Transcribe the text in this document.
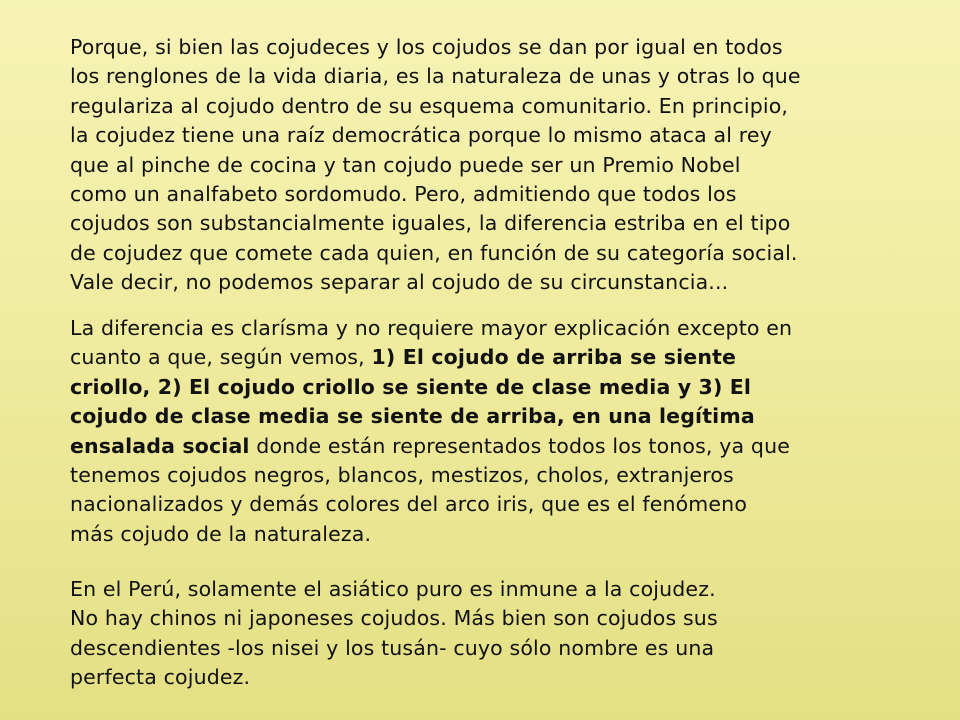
Porque, si bien las cojudeces y los cojudos se dan por igual en todos
los renglones de la vida diaria, es la naturaleza de unas y otras lo que
regulariza al cojudo dentro de su esquema comunitario. En principio,
la cojudez tiene una raíz democrática porque lo mismo ataca al rey
que al pinche de cocina y tan cojudo puede ser un Premio Nobel
como un analfabeto sordomudo. Pero, admitiendo que todos los
cojudos son substancialmente iguales, la diferencia estriba en el tipo
de cojudez que comete cada quien, en función de su categoría social.
Vale decir, no podemos separar al cojudo de su circunstancia...
La diferencia es clarísma y no requiere mayor explicación excepto en
cuanto a que, según vemos, 1) El cojudo de arriba se siente
criollo, 2) El cojudo criollo se siente de clase media y 3) El
cojudo de clase media se siente de arriba, en una legítima
ensalada social donde están representados todos los tonos, ya que
tenemos cojudos negros, blancos, mestizos, cholos, extranjeros
nacionalizados y demás colores del arco iris, que es el fenómeno
más cojudo de la naturaleza.
En el Perú, solamente el asiático puro es inmune a la cojudez.
No hay chinos ni japoneses cojudos. Más bien son cojudos sus
descendientes -los nisei y los tusán- cuyo sólo nombre es una
perfecta cojudez.
